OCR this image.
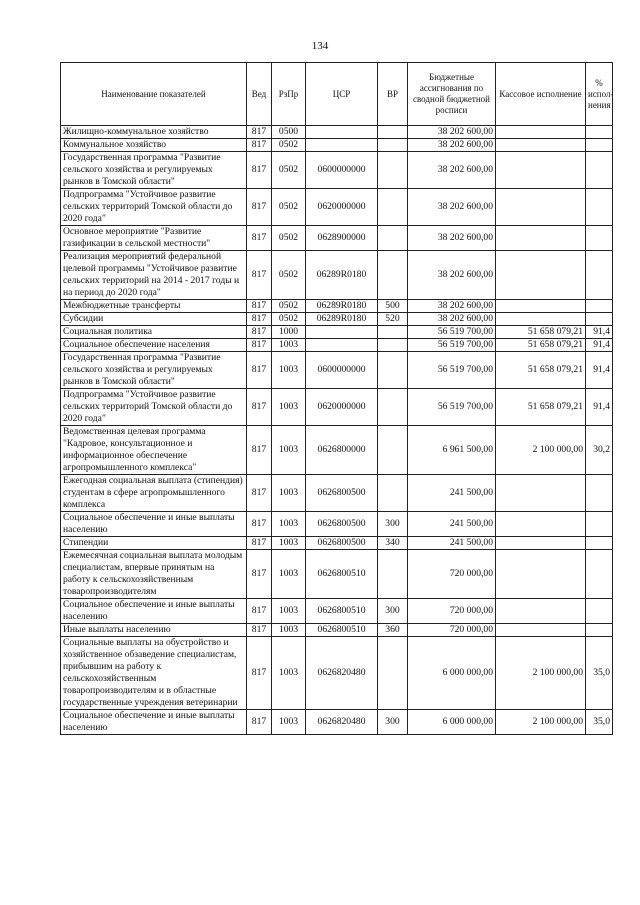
134
Наименование показателей	Вед	РзПр	ЦСР	ВР	Бюджетные ассигнования по сводной бюджетной росписи	Кассовое исполнение	% испол-нения
Жилищно-коммунальное хозяйство	817	0500			38 202 600,00		
Коммунальное хозяйство	817	0502			38 202 600,00		
Государственная программа "Развитие сельского хозяйства и регулируемых рынков в Томской области"	817	0502	0600000000		38 202 600,00		
Подпрограмма "Устойчивое развитие сельских территорий Томской области до 2020 года"	817	0502	0620000000		38 202 600,00		
Основное мероприятие "Развитие газификации в сельской местности"	817	0502	0628900000		38 202 600,00		
Реализация мероприятий федеральной целевой программы "Устойчивое развитие сельских территорий на 2014 - 2017 годы и на период до 2020 года"	817	0502	06289R0180		38 202 600,00		
Межбюджетные трансферты	817	0502	06289R0180	500	38 202 600,00		
Субсидии	817	0502	06289R0180	520	38 202 600,00		
Социальная политика	817	1000			56 519 700,00	51 658 079,21	91,4
Социальное обеспечение населения	817	1003			56 519 700,00	51 658 079,21	91,4
Государственная программа "Развитие сельского хозяйства и регулируемых рынков в Томской области"	817	1003	0600000000		56 519 700,00	51 658 079,21	91,4
Подпрограмма "Устойчивое развитие сельских территорий Томской области до 2020 года"	817	1003	0620000000		56 519 700,00	51 658 079,21	91,4
Ведомственная целевая программа "Кадровое, консультационное и информационное обеспечение агропромышленного комплекса"	817	1003	0626800000		6 961 500,00	2 100 000,00	30,2
Ежегодная социальная выплата (стипендия) студентам в сфере агропромышленного комплекса	817	1003	0626800500		241 500,00		
Социальное обеспечение и иные выплаты населению	817	1003	0626800500	300	241 500,00		
Стипендии	817	1003	0626800500	340	241 500,00		
Ежемесячная социальная выплата молодым специалистам, впервые принятым на работу к сельскохозяйственным товаропроизводителям	817	1003	0626800510		720 000,00		
Социальное обеспечение и иные выплаты населению	817	1003	0626800510	300	720 000,00		
Иные выплаты населению	817	1003	0626800510	360	720 000,00		
Социальные выплаты на обустройство и хозяйственное обзаведение специалистам, прибывшим на работу к сельскохозяйственным товаропроизводителям и в областные государственные учреждения ветеринарии	817	1003	0626820480		6 000 000,00	2 100 000,00	35,0
Социальное обеспечение и иные выплаты населению	817	1003	0626820480	300	6 000 000,00	2 100 000,00	35,0
